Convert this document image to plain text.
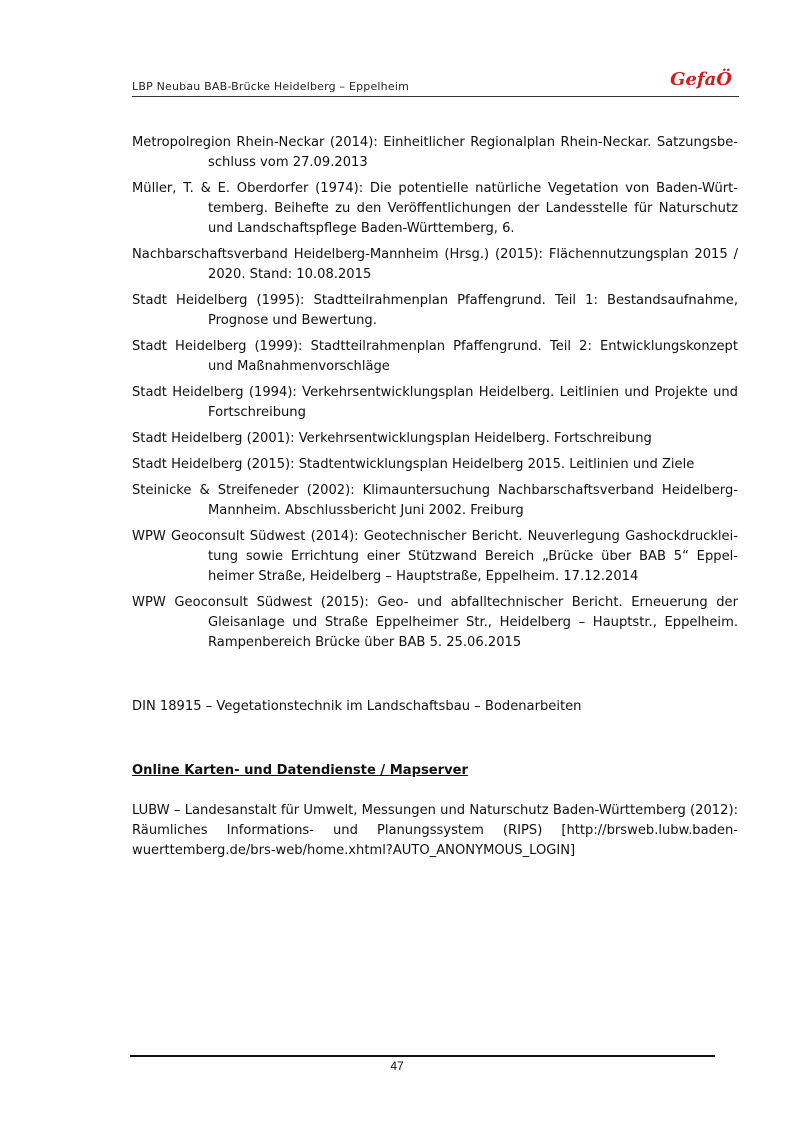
LBP Neubau BAB-Brücke Heidelberg – Eppelheim	GefaÖ

Metropolregion Rhein-Neckar (2014): Einheitlicher Regionalplan Rhein-Neckar. Satzungsbeschluss vom 27.09.2013

Müller, T. & E. Oberdorfer (1974): Die potentielle natürliche Vegetation von Baden-Württemberg. Beihefte zu den Veröffentlichungen der Landesstelle für Naturschutz und Landschaftspflege Baden-Württemberg, 6.

Nachbarschaftsverband Heidelberg-Mannheim (Hrsg.) (2015): Flächennutzungsplan 2015 / 2020. Stand: 10.08.2015

Stadt Heidelberg (1995): Stadtteilrahmenplan Pfaffengrund. Teil 1: Bestandsaufnahme, Prognose und Bewertung.

Stadt Heidelberg (1999): Stadtteilrahmenplan Pfaffengrund. Teil 2: Entwicklungskonzept und Maßnahmenvorschläge

Stadt Heidelberg (1994): Verkehrsentwicklungsplan Heidelberg. Leitlinien und Projekte und Fortschreibung

Stadt Heidelberg (2001): Verkehrsentwicklungsplan Heidelberg. Fortschreibung

Stadt Heidelberg (2015): Stadtentwicklungsplan Heidelberg 2015. Leitlinien und Ziele

Steinicke & Streifeneder (2002): Klimauntersuchung Nachbarschaftsverband Heidelberg-Mannheim. Abschlussbericht Juni 2002. Freiburg

WPW Geoconsult Südwest (2014): Geotechnischer Bericht. Neuverlegung Gashockdruckleitung sowie Errichtung einer Stützwand Bereich „Brücke über BAB 5“ Eppelheimer Straße, Heidelberg – Hauptstraße, Eppelheim. 17.12.2014

WPW Geoconsult Südwest (2015): Geo- und abfalltechnischer Bericht. Erneuerung der Gleisanlage und Straße Eppelheimer Str., Heidelberg – Hauptstr., Eppelheim. Rampenbereich Brücke über BAB 5. 25.06.2015

DIN 18915 – Vegetationstechnik im Landschaftsbau – Bodenarbeiten

Online Karten- und Datendienste / Mapserver

LUBW – Landesanstalt für Umwelt, Messungen und Naturschutz Baden-Württemberg (2012): Räumliches Informations- und Planungssystem (RIPS) [http://brsweb.lubw.baden-wuerttemberg.de/brs-web/home.xhtml?AUTO_ANONYMOUS_LOGIN]

47
